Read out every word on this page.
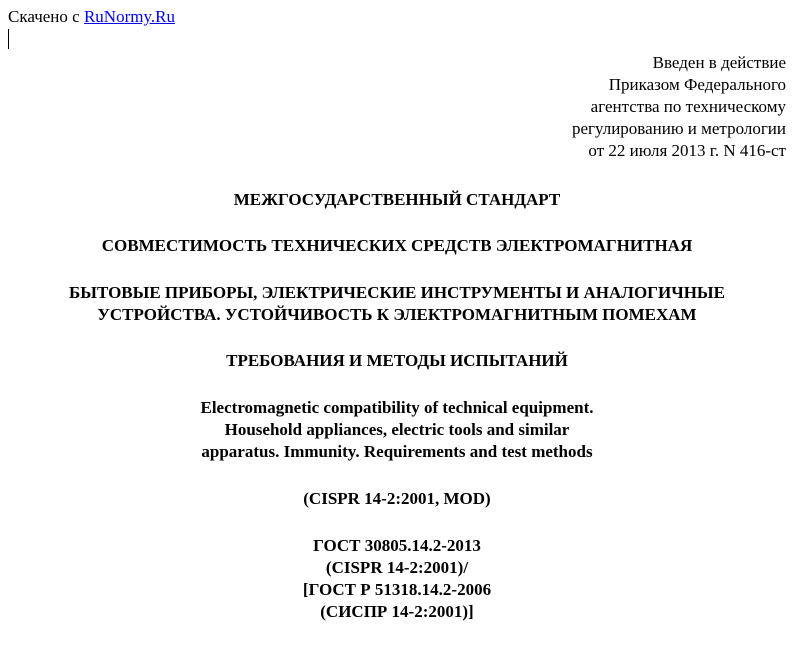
Скачено с RuNormy.Ru
Введен в действие
Приказом Федерального
агентства по техническому
регулированию и метрологии
от 22 июля 2013 г. N 416-ст
МЕЖГОСУДАРСТВЕННЫЙ СТАНДАРТ
СОВМЕСТИМОСТЬ ТЕХНИЧЕСКИХ СРЕДСТВ ЭЛЕКТРОМАГНИТНАЯ
БЫТОВЫЕ ПРИБОРЫ, ЭЛЕКТРИЧЕСКИЕ ИНСТРУМЕНТЫ И АНАЛОГИЧНЫЕ
УСТРОЙСТВА. УСТОЙЧИВОСТЬ К ЭЛЕКТРОМАГНИТНЫМ ПОМЕХАМ
ТРЕБОВАНИЯ И МЕТОДЫ ИСПЫТАНИЙ
Electromagnetic compatibility of technical equipment.
Household appliances, electric tools and similar
apparatus. Immunity. Requirements and test methods
(CISPR 14-2:2001, MOD)
ГОСТ 30805.14.2-2013
(CISPR 14-2:2001)/
[ГОСТ Р 51318.14.2-2006
(СИСПР 14-2:2001)]
